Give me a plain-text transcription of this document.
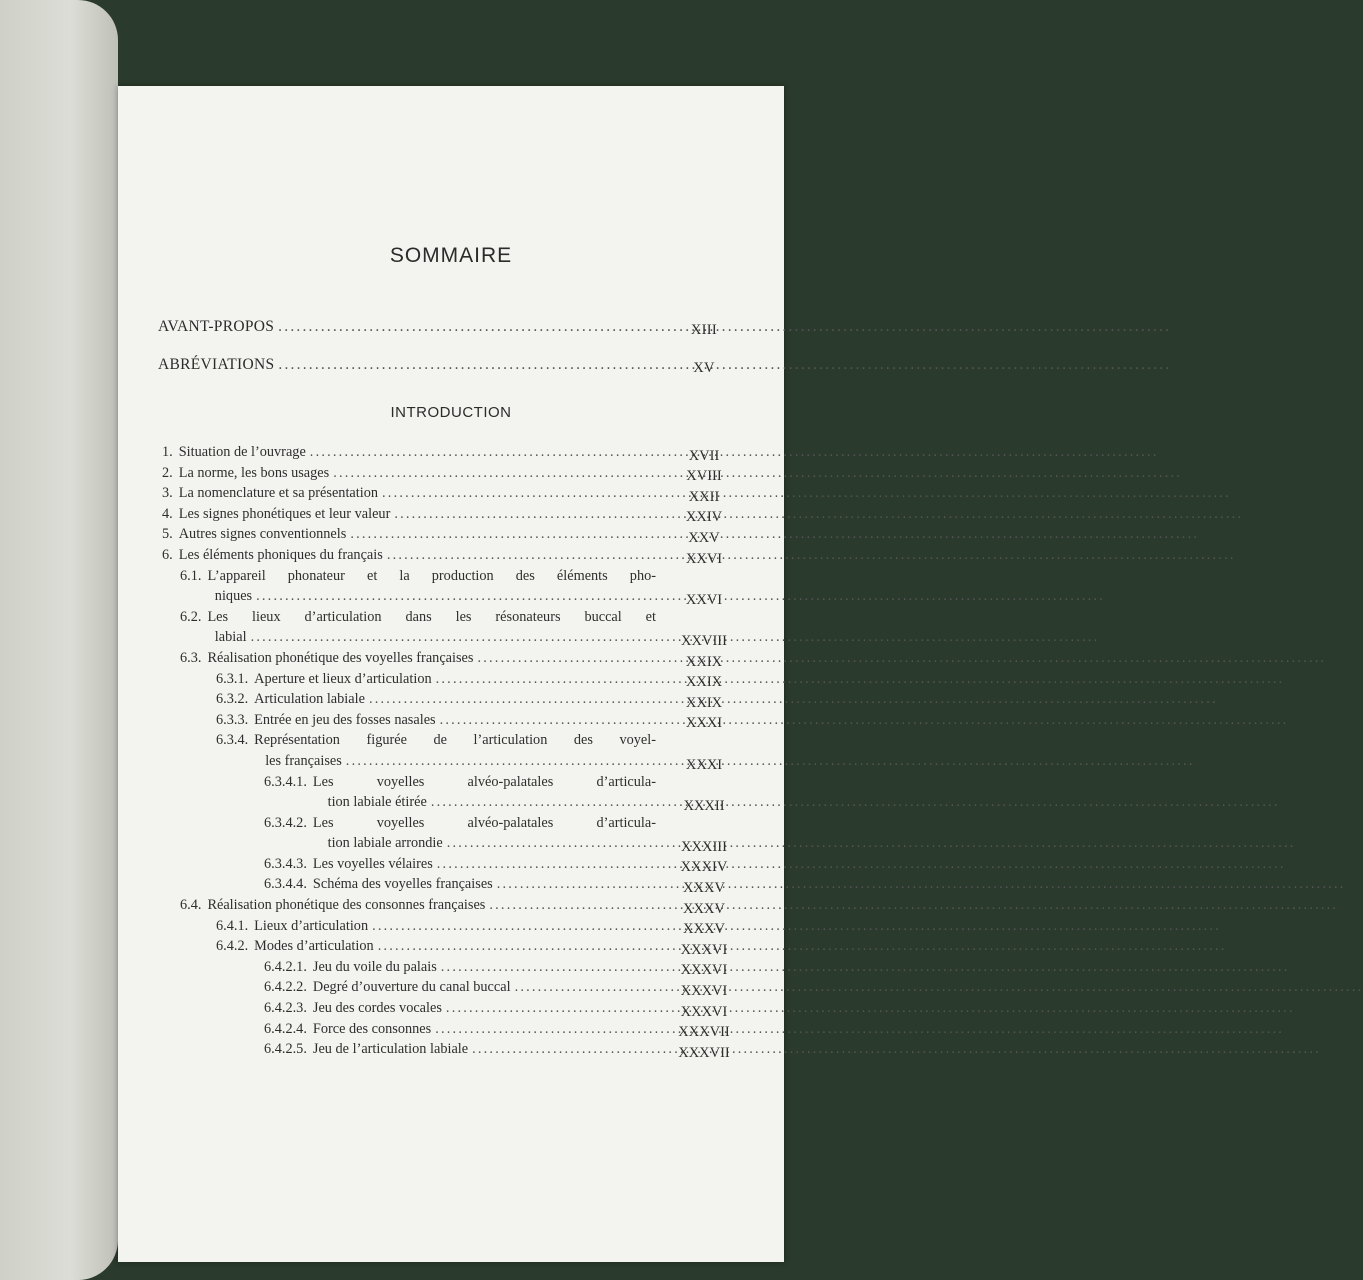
SOMMAIRE
AVANT-PROPOS .....	XIII
ABRÉVIATIONS .....	XV
INTRODUCTION
1. Situation de l’ouvrage .....	XVII
2. La norme, les bons usages .....	XVIII
3. La nomenclature et sa présentation .....	XXII
4. Les signes phonétiques et leur valeur .....	XXIV
5. Autres signes conventionnels .....	XXV
6. Les éléments phoniques du français .....	XXVI
6.1. L’appareil phonateur et la production des éléments pho-
niques .....	XXVI
6.2. Les lieux d’articulation dans les résonateurs buccal et
labial .....	XXVIII
6.3. Réalisation phonétique des voyelles françaises .....	XXIX
6.3.1. Aperture et lieux d’articulation .....	XXIX
6.3.2. Articulation labiale .....	XXIX
6.3.3. Entrée en jeu des fosses nasales .....	XXXI
6.3.4. Représentation figurée de l’articulation des voyel-
les françaises .....	XXXI
6.3.4.1. Les voyelles alvéo-palatales d’articula-
tion labiale étirée .....	XXXII
6.3.4.2. Les voyelles alvéo-palatales d’articula-
tion labiale arrondie .....	XXXIII
6.3.4.3. Les voyelles vélaires .....	XXXIV
6.3.4.4. Schéma des voyelles françaises .....	XXXV
6.4. Réalisation phonétique des consonnes françaises .....	XXXV
6.4.1. Lieux d’articulation .....	XXXV
6.4.2. Modes d’articulation .....	XXXVI
6.4.2.1. Jeu du voile du palais .....	XXXVI
6.4.2.2. Degré d’ouverture du canal buccal .....	XXXVI
6.4.2.3. Jeu des cordes vocales .....	XXXVI
6.4.2.4. Force des consonnes .....	XXXVII
6.4.2.5. Jeu de l’articulation labiale .....	XXXVII
